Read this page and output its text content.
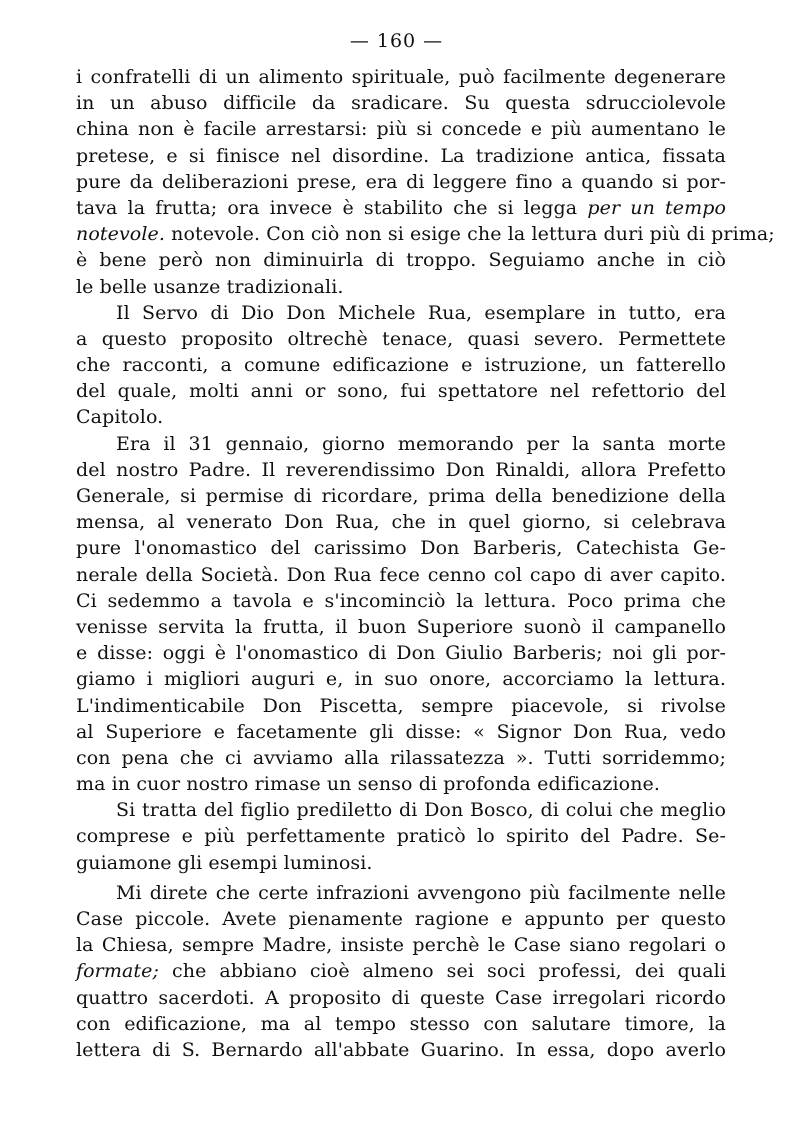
— 160 —
i confratelli di un alimento spirituale, può facilmente degenerare
in un abuso difficile da sradicare. Su questa sdrucciolevole
china non è facile arrestarsi: più si concede e più aumentano le
pretese, e si finisce nel disordine. La tradizione antica, fissata
pure da deliberazioni prese, era di leggere fino a quando si por-
tava la frutta; ora invece è stabilito che si legga per un tempo
notevole. notevole. Con ciò non si esige che la lettura duri più di prima;
è bene però non diminuirla di troppo. Seguiamo anche in ciò
le belle usanze tradizionali.
Il Servo di Dio Don Michele Rua, esemplare in tutto, era
a questo proposito oltrechè tenace, quasi severo. Permettete
che racconti, a comune edificazione e istruzione, un fatterello
del quale, molti anni or sono, fui spettatore nel refettorio del
Capitolo.
Era il 31 gennaio, giorno memorando per la santa morte
del nostro Padre. Il reverendissimo Don Rinaldi, allora Prefetto
Generale, si permise di ricordare, prima della benedizione della
mensa, al venerato Don Rua, che in quel giorno, si celebrava
pure l'onomastico del carissimo Don Barberis, Catechista Ge-
nerale della Società. Don Rua fece cenno col capo di aver capito.
Ci sedemmo a tavola e s'incominciò la lettura. Poco prima che
venisse servita la frutta, il buon Superiore suonò il campanello
e disse: oggi è l'onomastico di Don Giulio Barberis; noi gli por-
giamo i migliori auguri e, in suo onore, accorciamo la lettura.
L'indimenticabile Don Piscetta, sempre piacevole, si rivolse
al Superiore e facetamente gli disse: « Signor Don Rua, vedo
con pena che ci avviamo alla rilassatezza ». Tutti sorridemmo;
ma in cuor nostro rimase un senso di profonda edificazione.
Si tratta del figlio prediletto di Don Bosco, di colui che meglio
comprese e più perfettamente praticò lo spirito del Padre. Se-
guiamone gli esempi luminosi.
Mi direte che certe infrazioni avvengono più facilmente nelle
Case piccole. Avete pienamente ragione e appunto per questo
la Chiesa, sempre Madre, insiste perchè le Case siano regolari o
formate; che abbiano cioè almeno sei soci professi, dei quali
quattro sacerdoti. A proposito di queste Case irregolari ricordo
con edificazione, ma al tempo stesso con salutare timore, la
lettera di S. Bernardo all'abbate Guarino. In essa, dopo averlo
